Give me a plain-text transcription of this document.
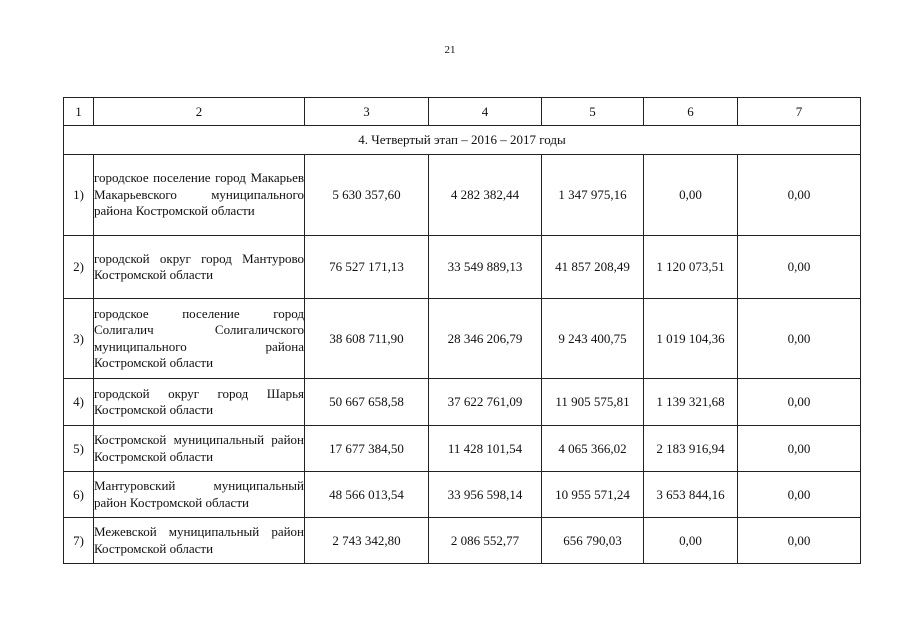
21
1	2	3	4	5	6	7
4. Четвертый этап – 2016 – 2017 годы						
1)	городское поселение город Макарьев Макарьевского муниципального района Костромской области	5 630 357,60	4 282 382,44	1 347 975,16	0,00	0,00
2)	городской округ город Мантурово Костромской области	76 527 171,13	33 549 889,13	41 857 208,49	1 120 073,51	0,00
3)	городское поселение город Солигалич Солигаличского муниципального района Костромской области	38 608 711,90	28 346 206,79	9 243 400,75	1 019 104,36	0,00
4)	городской округ город Шарья Костромской области	50 667 658,58	37 622 761,09	11 905 575,81	1 139 321,68	0,00
5)	Костромской муниципальный район Костромской области	17 677 384,50	11 428 101,54	4 065 366,02	2 183 916,94	0,00
6)	Мантуровский муниципальный район Костромской области	48 566 013,54	33 956 598,14	10 955 571,24	3 653 844,16	0,00
7)	Межевской муниципальный район Костромской области	2 743 342,80	2 086 552,77	656 790,03	0,00	0,00
